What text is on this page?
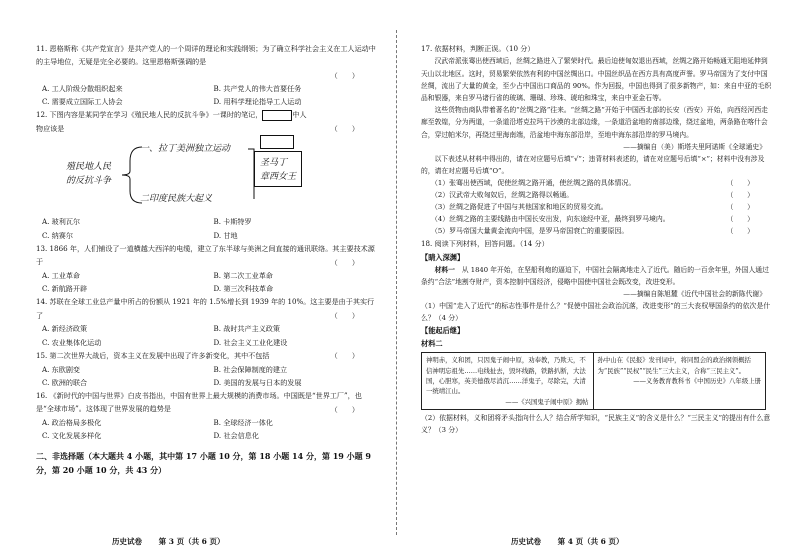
11. 恩格斯称《共产党宣言》是共产党人的一个周详的理论和实践纲领；为了确立科学社会主义在工人运动中的主导地位，无疑是完全必要的。这里恩格斯强调的是

（　　）
A. 工人阶级分散组织起来	B. 共产党人的伟大首要任务
C. 需要成立国际工人协会	D. 用科学理论指导工人运动

12. 下图内容是某同学在学习《殖民地人民的反抗斗争》一课时的笔记，	中人
物应该是	（　　）
殖民地人民
的反抗斗争
一、拉丁美洲独立运动
二印度民族大起义
圣马丁
章西女王
A. 玻利瓦尔	B. 卡斯特罗
C. 纳赛尔	D. 甘地

13. 1866 年，人们铺设了一道横越大西洋的电缆，建立了东半球与美洲之间直接的通讯联络。其主要技术源于	（　　）
A. 工业革命	B. 第二次工业革命
C. 新航路开辟	D. 第三次科技革命

14. 苏联在全球工业总产量中所占的份额从 1921 年的 1.5%增长到 1939 年的 10%。这主要是由于其实行了	（　　）
A. 新经济政策	B. 战时共产主义政策
C. 农业集体化运动	D. 社会主义工业化建设

15. 第二次世界大战后，资本主义在发展中出现了许多新变化，其中不包括	（　　）
A. 东欧剧变	B. 社会保障制度的建立
C. 欧洲的联合	D. 美国的发展与日本的发展

16. 《新时代的中国与世界》白皮书指出，中国有世界上最大规模的消费市场。中国既是“世界工厂”，也是“全球市场”。这体现了世界发展的趋势是	（　　）
A. 政治格局多极化	B. 全球经济一体化
C. 文化发展多样化	D. 社会信息化

二、非选择题（本大题共 4 小题，其中第 17 小题 10 分，第 18 小题 14 分，第 19 小题 9 分，第 20 小题 10 分，共 43 分）

历史试卷 第 3 页（共 6 页）

17. 依据材料，判断正误。（10 分）

汉武帝派张骞出使西域后，丝绸之路进入了繁荣时代。最后迫使匈奴退出西域，丝绸之路开始畅通无阻地延伸到天山以北地区。这时，贸易繁荣依然有利的中国丝绸出口。中国丝织品在西方具有高度声誉。罗马帝国为了支付中国丝绸，流出了大量的黄金，至少占中国出口商品的 90%。作为回报，中国也得到了很多新物产，如：来自中亚的毛织品和银器，来自罗马诸行省的玻璃、珊瑚、珍珠、琥珀和珠宝，来自中亚金石等。

这些货物由商队带着著名的“丝绸之路”往来。“丝绸之路”开始于中国西北部的长安（西安）开始，向西经河西走廊至敦煌，分为两道，一条道沿塔克拉玛干沙漠的北部边缘，一条道沿盆地的南部边缘，绕过盆地，两条路在喀什会合，穿过帕米尔，再绕过里海南端，沿盆地中海东部沿岸，至地中海东部沿岸的罗马境内。

——摘编自（美）斯塔夫里阿诺斯《全球通史》

以下表述从材料中得出的，请在对应题号后填“√”；违背材料表述的，请在对应题号后填“×”；材料中没有涉及的，请在对应题号后填“O”。

（1）张骞出使西域，促使丝绸之路开通，使丝绸之路的具体情况。	（　　）
（2）汉武帝大败匈奴后，丝绸之路得以畅通。	（　　）
（3）丝绸之路促进了中国与其他国家和地区的贸易交流。	（　　）
（4）丝绸之路的主要线路由中国长安出发，向东途经中亚，最终到罗马境内。	（　　）
（5）罗马帝国大量黄金流向中国，是罗马帝国衰亡的重要原因。	（　　）

18. 阅读下列材料，回答问题。（14 分）

【睛入深渊】

材料一　 从 1840 年开始，在坚船利炮的逼迫下，中国社会隔离地走入了近代。随后的一百余年里，外国人通过条约“合法”地割夺财产，资本控制中国经济，侵略中国使中国社会既改变，改进变形。

——摘编自陈旭麓《近代中国社会的新陈代谢》

（1）中国“走入了近代”的标志性事件是什么？“促使中国社会政治沉落，改进变形”的三大丧权辱国条约的依次是什么？（4 分）

【能起后继】

材料二

神明赤，义和团，只因鬼子闹中原，劝奉教，乃欺天，不信神明忘祖先……电线扯去，毁坏线路，铁路扒断，大法国，心胆寒，英美德俄尽消沉……洋鬼子，尽除完，大清一统靖江山。

——《兴国鬼子闹中原》揭帖
孙中山在《民报》发刊词中，将同盟会的政治纲领概括为“民族”“民权”“民生”三大主义，合称“三民主义”。

——义务教育教科书《中国历史》八年级上册

（2）依据材料，义和团将矛头指向什么人？结合所学知识，“民族主义”的含义是什么？“三民主义”的提出有什么意义？（3 分）

历史试卷 第 4 页（共 6 页）
